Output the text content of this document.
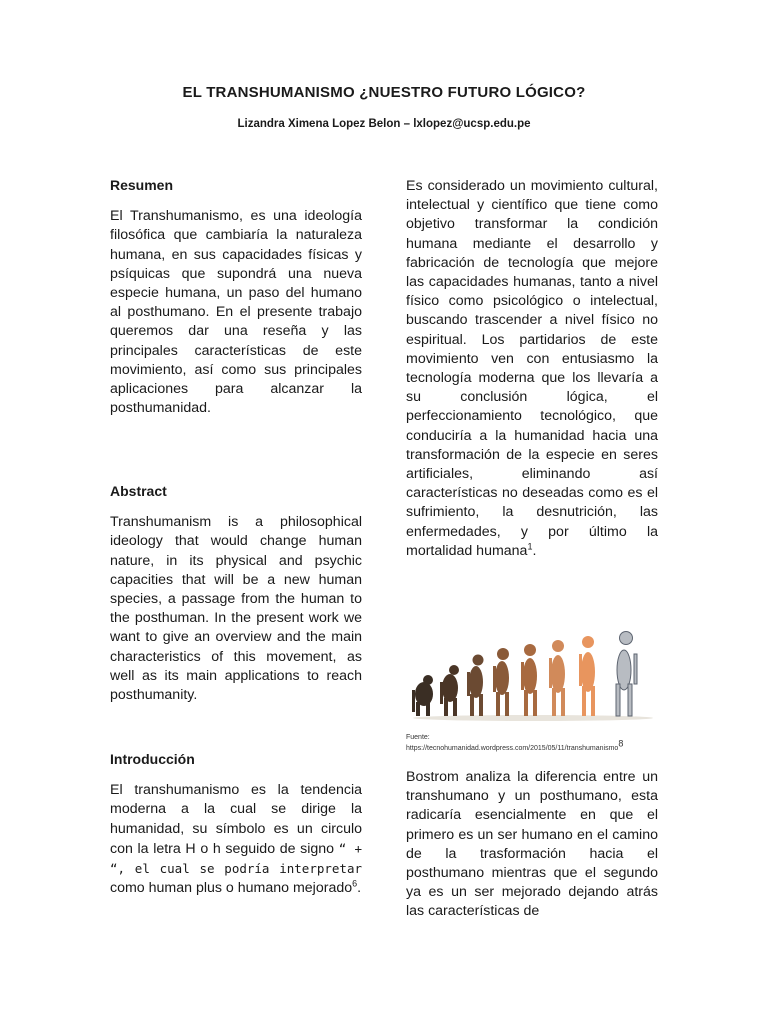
EL TRANSHUMANISMO ¿NUESTRO FUTURO LÓGICO?
Lizandra Ximena Lopez Belon – lxlopez@ucsp.edu.pe
Resumen

El Transhumanismo, es una ideología filosófica que cambiaría la naturaleza humana, en sus capacidades físicas y psíquicas que supondrá una nueva especie humana, un paso del humano al posthumano. En el presente trabajo queremos dar una reseña y las principales características de este movimiento, así como sus principales aplicaciones para alcanzar la posthumanidad.

Abstract

Transhumanism is a philosophical ideology that would change human nature, in its physical and psychic capacities that will be a new human species, a passage from the human to the posthuman. In the present work we want to give an overview and the main characteristics of this movement, as well as its main applications to reach posthumanity.

Introducción

El transhumanismo es la tendencia moderna a la cual se dirige la humanidad, su símbolo es un circulo con la letra H o h seguido de signo “ + “, el cual se podría interpretar como human plus o humano mejorado$^6$.

Es considerado un movimiento cultural, intelectual y científico que tiene como objetivo transformar la condición humana mediante el desarrollo y fabricación de tecnología que mejore las capacidades humanas, tanto a nivel físico como psicológico o intelectual, buscando trascender a nivel físico no espiritual. Los partidarios de este movimiento ven con entusiasmo la tecnología moderna que los llevaría a su conclusión lógica, el perfeccionamiento tecnológico, que conduciría a la humanidad hacia una transformación de la especie en seres artificiales, eliminando así características no deseadas como es el sufrimiento, la desnutrición, las enfermedades, y por último la mortalidad humana$^1$.

Fuente:
https://tecnohumanidad.wordpress.com/2015/05/11/transhumanismo$^8$

Bostrom analiza la diferencia entre un transhumano y un posthumano, esta radicaría esencialmente en que el primero es un ser humano en el camino de la trasformación hacia el posthumano mientras que el segundo ya es un ser mejorado dejando atrás las características de
